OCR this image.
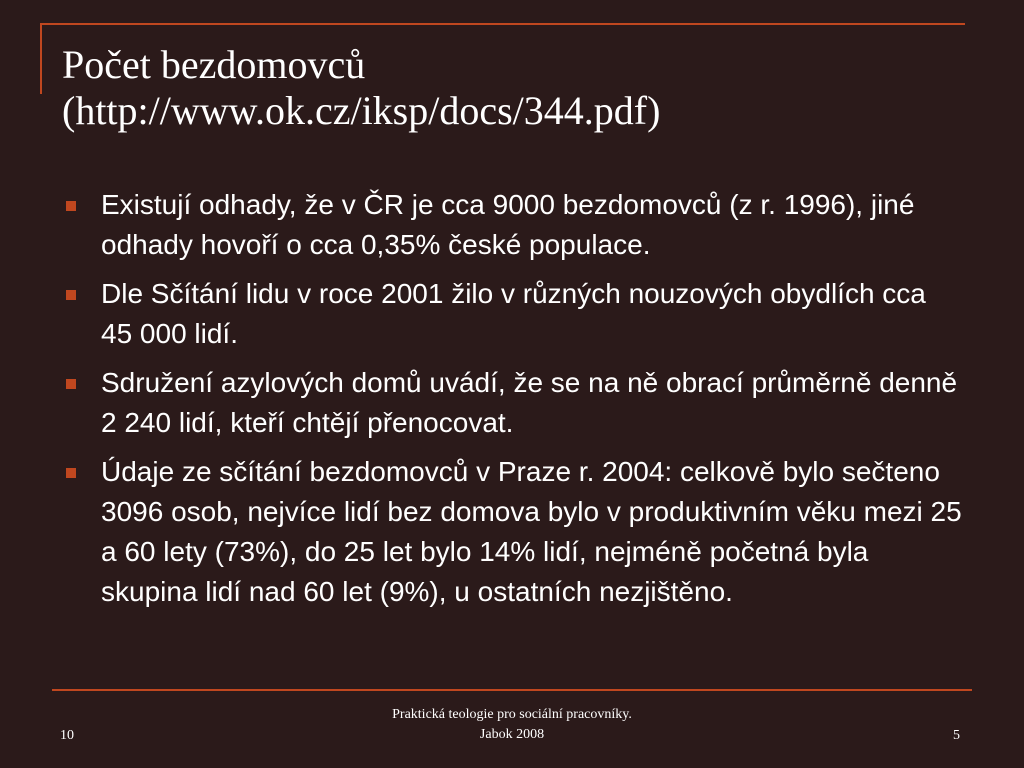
Počet bezdomovců
(http://www.ok.cz/iksp/docs/344.pdf)
Existují odhady, že v ČR je cca 9000 bezdomovců (z r. 1996), jiné odhady hovoří o cca 0,35% české populace.
Dle Sčítání lidu v roce 2001 žilo v různých nouzových obydlích cca 45 000 lidí.
Sdružení azylových domů uvádí, že se na ně obrací průměrně denně 2 240 lidí, kteří chtějí přenocovat.
Údaje ze sčítání bezdomovců v Praze r. 2004: celkově bylo sečteno 3096 osob, nejvíce lidí bez domova bylo v produktivním věku mezi 25 a 60 lety (73%), do 25 let bylo 14% lidí, nejméně početná byla skupina lidí nad 60 let (9%), u ostatních nezjištěno.
10
Praktická teologie pro sociální pracovníky.
Jabok 2008	5
